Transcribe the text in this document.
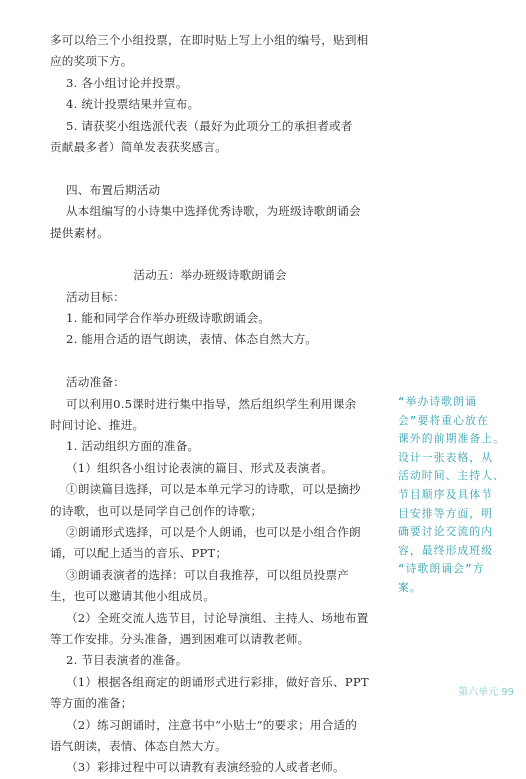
多可以给三个小组投票，在即时贴上写上小组的编号，贴到相
应的奖项下方。
3. 各小组讨论并投票。
4. 统计投票结果并宣布。
5. 请获奖小组选派代表（最好为此项分工的承担者或者
贡献最多者）简单发表获奖感言。
四、布置后期活动
从本组编写的小诗集中选择优秀诗歌，为班级诗歌朗诵会
提供素材。
活动五：举办班级诗歌朗诵会
活动目标：
1. 能和同学合作举办班级诗歌朗诵会。
2. 能用合适的语气朗读，表情、体态自然大方。
活动准备：
可以利用0.5课时进行集中指导，然后组织学生利用课余
时间讨论、推进。
1. 活动组织方面的准备。
（1）组织各小组讨论表演的篇目、形式及表演者。
①朗读篇目选择，可以是本单元学习的诗歌，可以是摘抄
的诗歌，也可以是同学自己创作的诗歌；
②朗诵形式选择，可以是个人朗诵，也可以是小组合作朗
诵，可以配上适当的音乐、PPT；
③朗诵表演者的选择：可以自我推荐，可以组员投票产
生，也可以邀请其他小组成员。
（2）全班交流人选节目，讨论导演组、主持人、场地布置
等工作安排。分头准备，遇到困难可以请教老师。
2. 节目表演者的准备。
（1）根据各组商定的朗诵形式进行彩排，做好音乐、PPT
等方面的准备；
（2）练习朗诵时，注意书中“小贴士”的要求；用合适的
语气朗读，表情、体态自然大方。
（3）彩排过程中可以请教有表演经验的人或者老师。
“举办诗歌朗诵
会”要将重心放在
课外的前期准备上。
设计一张表格，从
活动时间、主持人、
节目顺序及具体节
目安排等方面，明
确要讨论交流的内
容，最终形成班级
“诗歌朗诵会”方
案。
第六单元 99
